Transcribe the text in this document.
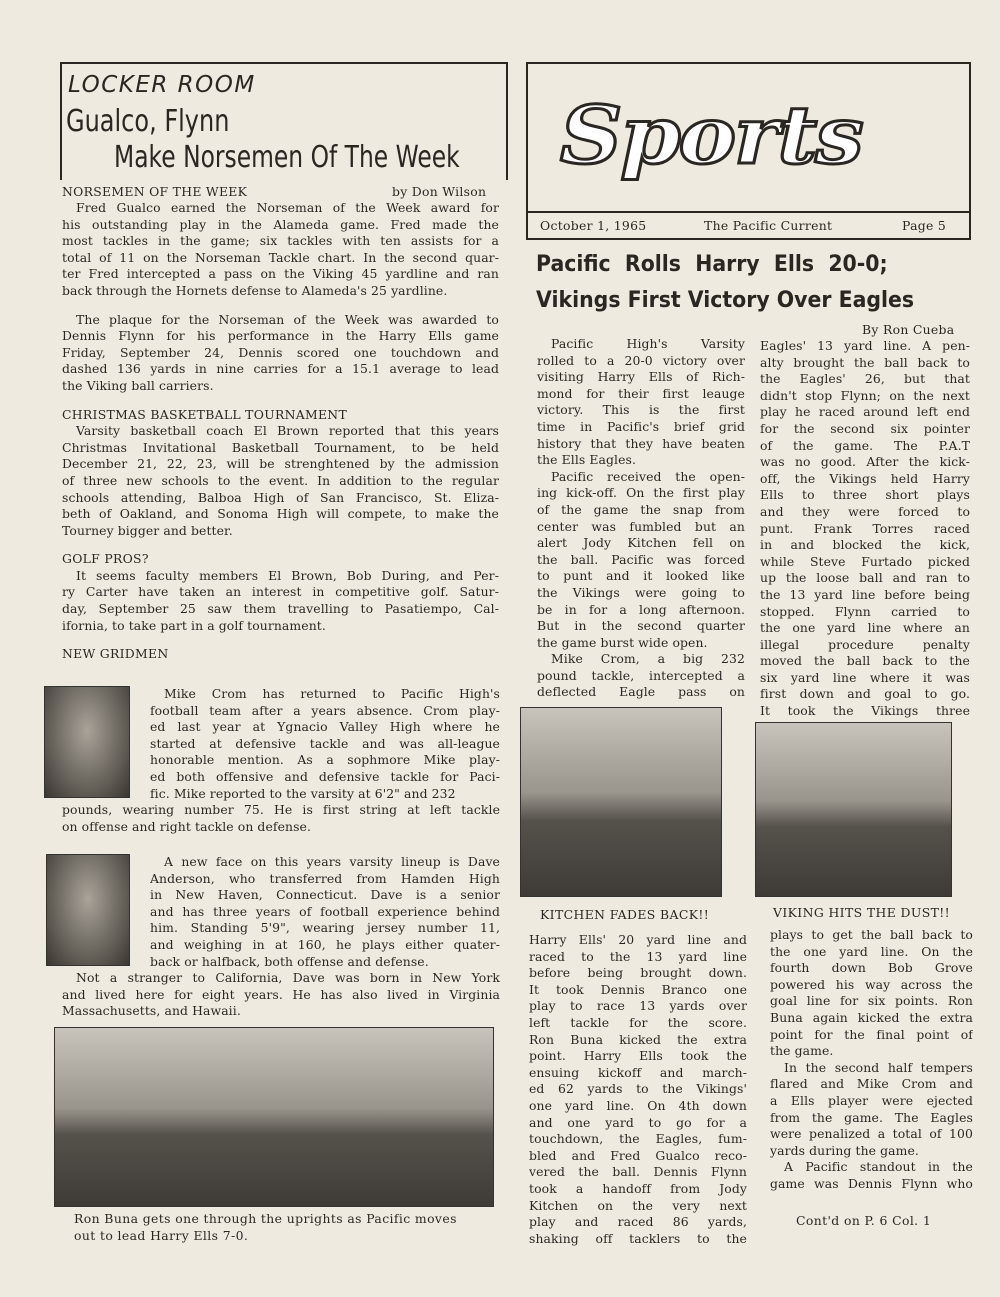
LOCKER ROOM
Gualco, Flynn
Make Norsemen Of The Week
NORSEMEN OF THE WEEK	by Don Wilson
Fred Gualco earned the Norseman of the Week award for
his outstanding play in the Alameda game. Fred made the
most tackles in the game; six tackles with ten assists for a
total of 11 on the Norseman Tackle chart. In the second quar-
ter Fred intercepted a pass on the Viking 45 yardline and ran
back through the Hornets defense to Alameda's 25 yardline.
The plaque for the Norseman of the Week was awarded to
Dennis Flynn for his performance in the Harry Ells game
Friday, September 24, Dennis scored one touchdown and
dashed 136 yards in nine carries for a 15.1 average to lead
the Viking ball carriers.
CHRISTMAS BASKETBALL TOURNAMENT
Varsity basketball coach El Brown reported that this years
Christmas Invitational Basketball Tournament, to be held
December 21, 22, 23, will be strenghtened by the admission
of three new schools to the event. In addition to the regular
schools attending, Balboa High of San Francisco, St. Eliza-
beth of Oakland, and Sonoma High will compete, to make the
Tourney bigger and better.
GOLF PROS?
It seems faculty members El Brown, Bob During, and Per-
ry Carter have taken an interest in competitive golf. Satur-
day, September 25 saw them travelling to Pasatiempo, Cal-
ifornia, to take part in a golf tournament.
NEW GRIDMEN
Mike Crom has returned to Pacific High's
football team after a years absence. Crom play-
ed last year at Ygnacio Valley High where he
started at defensive tackle and was all-league
honorable mention. As a sophmore Mike play-
ed both offensive and defensive tackle for Paci-
fic. Mike reported to the varsity at 6'2" and 232
pounds, wearing number 75. He is first string at left tackle
on offense and right tackle on defense.
A new face on this years varsity lineup is Dave
Anderson, who transferred from Hamden High
in New Haven, Connecticut. Dave is a senior
and has three years of football experience behind
him. Standing 5'9", wearing jersey number 11,
and weighing in at 160, he plays either quater-
back or halfback, both offense and defense.
Not a stranger to California, Dave was born in New York
and lived here for eight years. He has also lived in Virginia
Massachusetts, and Hawaii.
Ron Buna gets one through the uprights as Pacific moves
out to lead Harry Ells 7-0.
Sports
October 1, 1965	The Pacific Current	Page 5
Pacific  Rolls  Harry  Ells  20-0;
Vikings First Victory Over Eagles
By Ron Cueba
Pacific High's Varsity
rolled to a 20-0 victory over
visiting Harry Ells of Rich-
mond for their first leauge
victory. This is the first
time in Pacific's brief grid
history that they have beaten
the Ells Eagles.
Pacific received the open-
ing kick-off. On the first play
of the game the snap from
center was fumbled but an
alert Jody Kitchen fell on
the ball. Pacific was forced
to punt and it looked like
the Vikings were going to
be in for a long afternoon.
But in the second quarter
the game burst wide open.
Mike Crom, a big 232
pound tackle, intercepted a
deflected Eagle pass on
KITCHEN FADES BACK!!
Harry Ells' 20 yard line and
raced to the 13 yard line
before being brought down.
It took Dennis Branco one
play to race 13 yards over
left tackle for the score.
Ron Buna kicked the extra
point. Harry Ells took the
ensuing kickoff and march-
ed 62 yards to the Vikings'
one yard line. On 4th down
and one yard to go for a
touchdown, the Eagles, fum-
bled and Fred Gualco reco-
vered the ball. Dennis Flynn
took a handoff from Jody
Kitchen on the very next
play and raced 86 yards,
shaking off tacklers to the
Eagles' 13 yard line. A pen-
alty brought the ball back to
the Eagles' 26, but that
didn't stop Flynn; on the next
play he raced around left end
for the second six pointer
of the game. The P.A.T
was no good. After the kick-
off, the Vikings held Harry
Ells to three short plays
and they were forced to
punt. Frank Torres raced
in and blocked the kick,
while Steve Furtado picked
up the loose ball and ran to
the 13 yard line before being
stopped. Flynn carried to
the one yard line where an
illegal procedure penalty
moved the ball back to the
six yard line where it was
first down and goal to go.
It took the Vikings three
VIKING HITS THE DUST!!
plays to get the ball back to
the one yard line. On the
fourth down Bob Grove
powered his way across the
goal line for six points. Ron
Buna again kicked the extra
point for the final point of
the game.
In the second half tempers
flared and Mike Crom and
a Ells player were ejected
from the game. The Eagles
were penalized a total of 100
yards during the game.
A Pacific standout in the
game was Dennis Flynn who
Cont'd on P. 6 Col. 1
